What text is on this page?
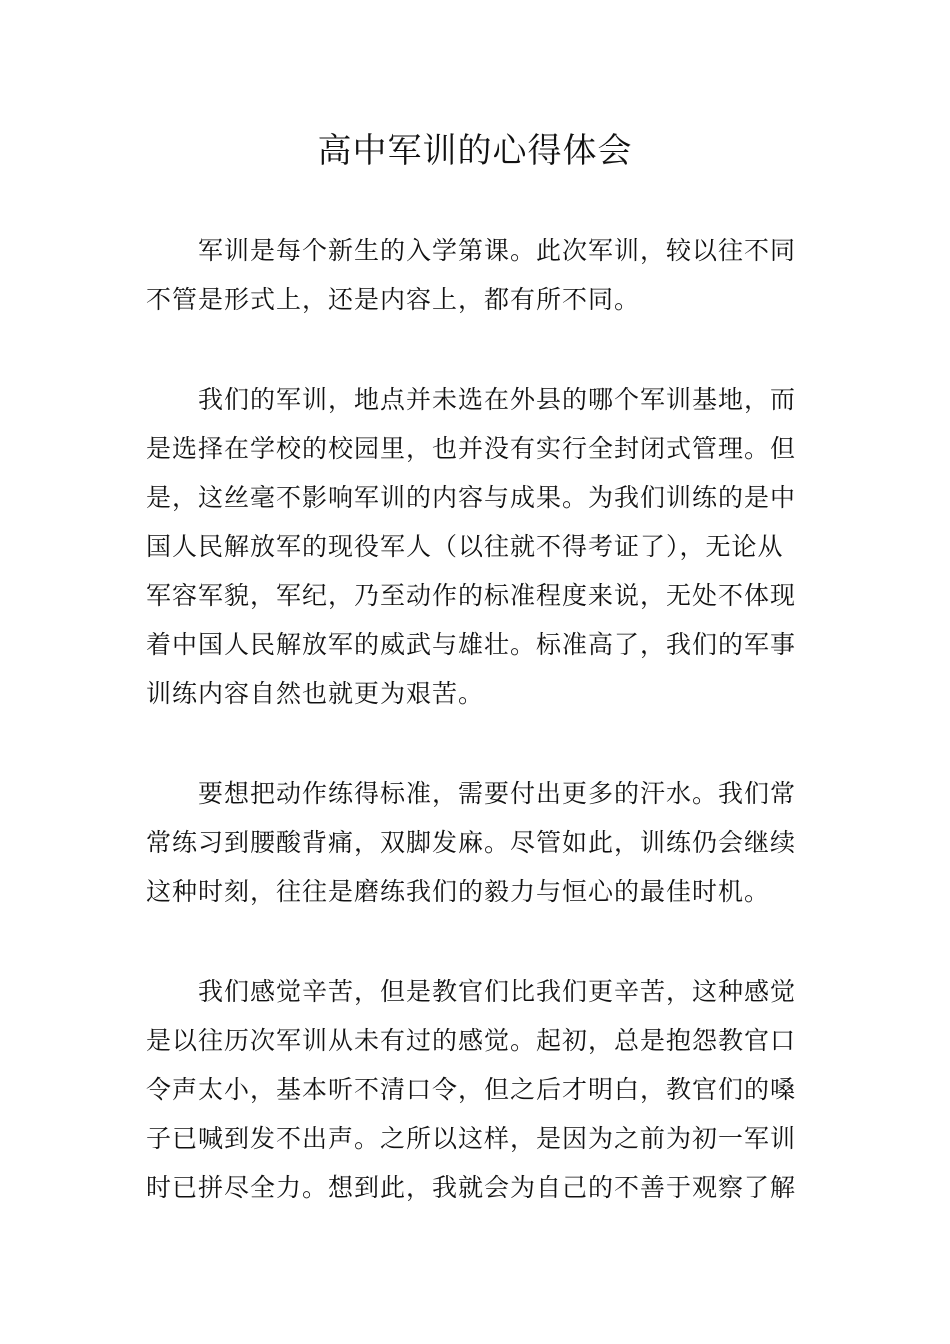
高中军训的心得体会
军训是每个新生的入学第课。此次军训，较以往不同
不管是形式上，还是内容上，都有所不同。
我们的军训，地点并未选在外县的哪个军训基地，而
是选择在学校的校园里，也并没有实行全封闭式管理。但
是，这丝毫不影响军训的内容与成果。为我们训练的是中
国人民解放军的现役军人（以往就不得考证了），无论从
军容军貌，军纪，乃至动作的标准程度来说，无处不体现
着中国人民解放军的威武与雄壮。标准高了，我们的军事
训练内容自然也就更为艰苦。
要想把动作练得标准，需要付出更多的汗水。我们常
常练习到腰酸背痛，双脚发麻。尽管如此，训练仍会继续
这种时刻，往往是磨练我们的毅力与恒心的最佳时机。
我们感觉辛苦，但是教官们比我们更辛苦，这种感觉
是以往历次军训从未有过的感觉。起初，总是抱怨教官口
令声太小，基本听不清口令，但之后才明白，教官们的嗓
子已喊到发不出声。之所以这样，是因为之前为初一军训
时已拼尽全力。想到此，我就会为自己的不善于观察了解
